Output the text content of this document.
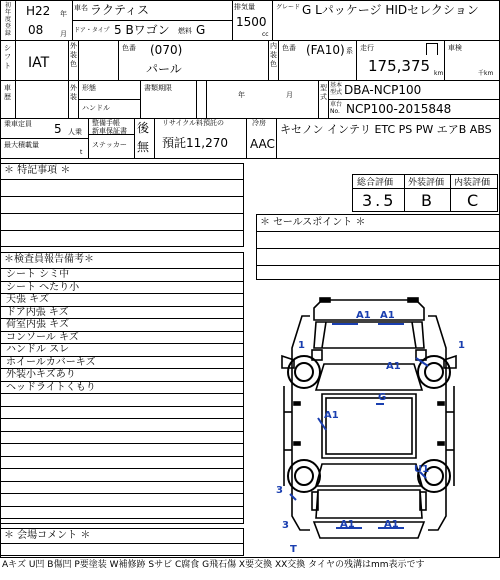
初年度登録
H22 年
08 月
車名 ラクティス
ドア・タイプ 5 Bワゴン 燃料 G
排気量
1500
cc
グレード G Lパッケージ HIDセレクション
シフト IAT
外装色
色番 (070)
パール
内装色
色番 (FA10) 系 走行
175,375 km
車検
千km
車歴
外装
形態
ハンドル
書類期限
年	月
型式
基本型式 DBA-NCP100
車台No. NCP100-2015848
乗車定員 5 人乗
最大積載量
t
整備手帳
新車保証書
ステッカー
後
無
リサイクル料預託の
預託11,270
冷房
AAC
キセノン インテリ ETC PS PW エアB ABS
＊ 特記事項 ＊
＊検査員報告備考＊
シート シミ中
シート へたり小
天張 キズ
ドア内張 キズ
荷室内張 キズ
コンソール キズ
ハンドル スレ
ホイールカバーキズ
外装小キズあり
ヘッドライトくもり
＊ 会場コメント ＊
総合評価 外装評価 内装評価
3.5 B C
＊ セールスポイント ＊
A1 A1
1	1
A1
G
A1
U1
3
3	A1	A1
T
Aキズ U凹 B傷凹 P要塗装 W補修跡 Sサビ C腐食 G飛石傷 X要交換 XX交換 タイヤの残溝はmm表示です
